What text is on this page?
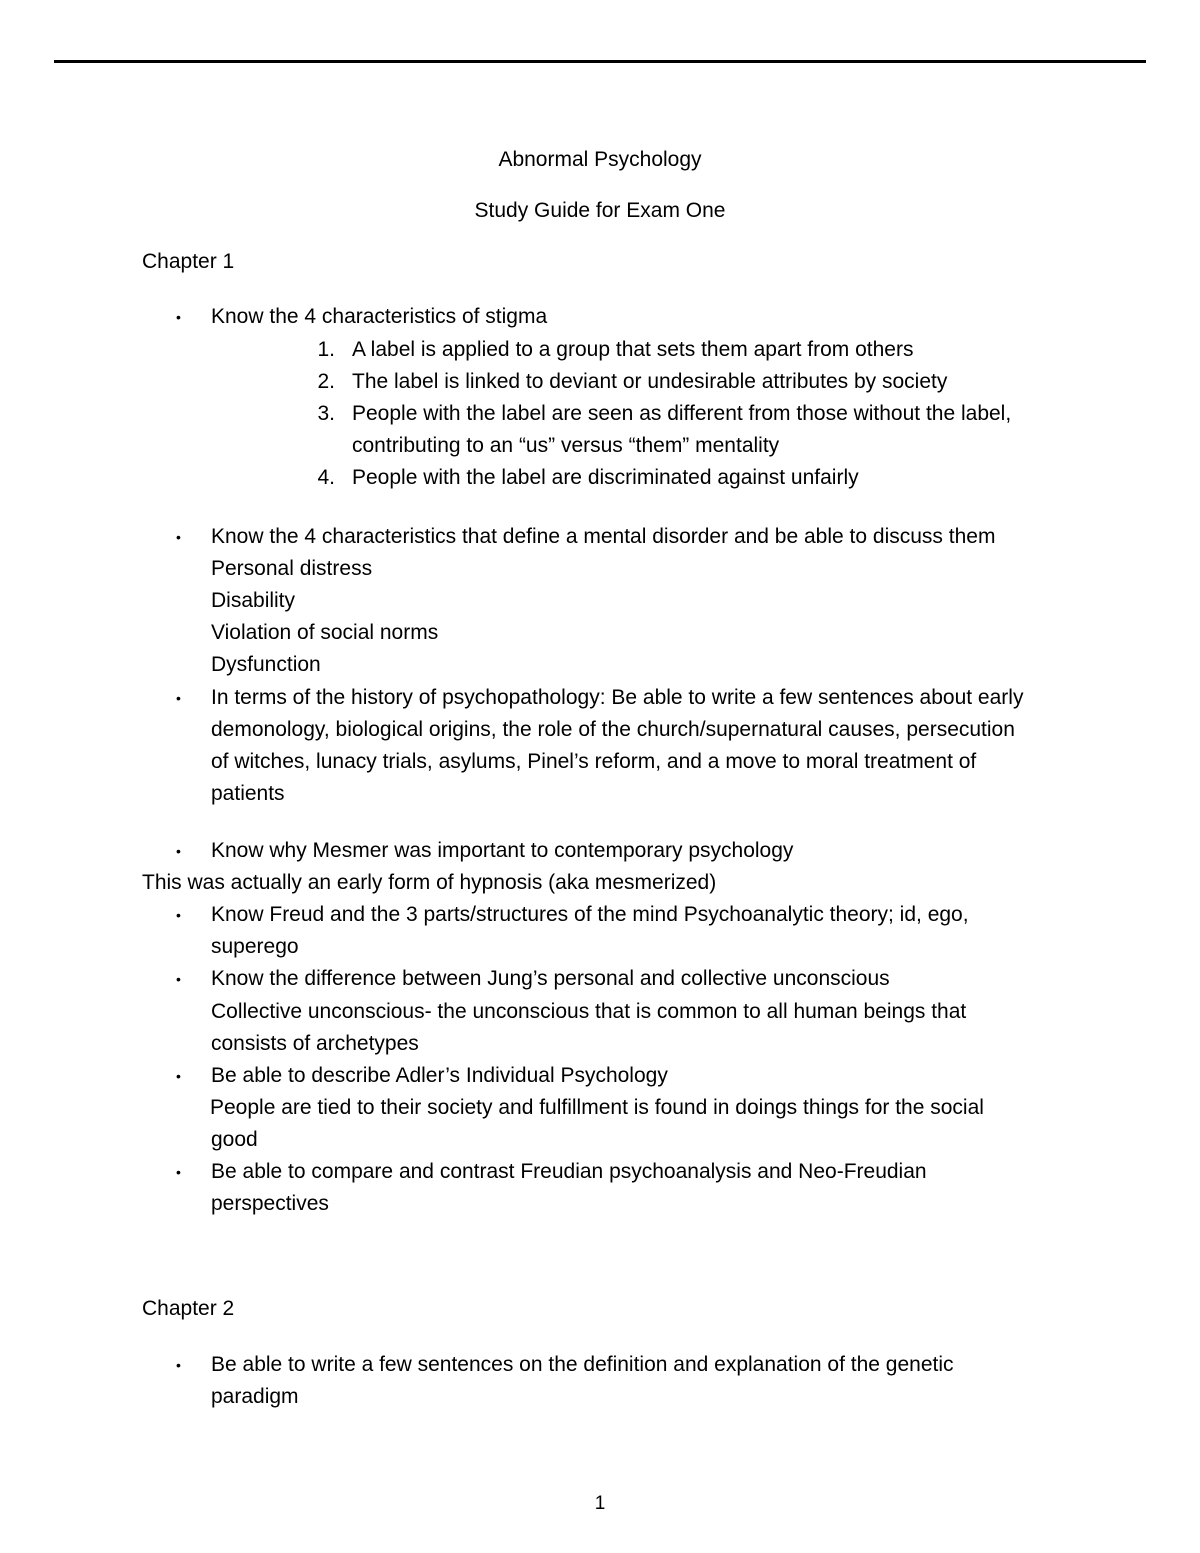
Abnormal Psychology
Study Guide for Exam One
Chapter 1
• Know the 4 characteristics of stigma
1. A label is applied to a group that sets them apart from others
2. The label is linked to deviant or undesirable attributes by society
3. People with the label are seen as different from those without the label,
contributing to an “us” versus “them” mentality
4. People with the label are discriminated against unfairly
• Know the 4 characteristics that define a mental disorder and be able to discuss them
Personal distress
Disability
Violation of social norms
Dysfunction
• In terms of the history of psychopathology: Be able to write a few sentences about early
demonology, biological origins, the role of the church/supernatural causes, persecution
of witches, lunacy trials, asylums, Pinel’s reform, and a move to moral treatment of
patients
• Know why Mesmer was important to contemporary psychology
This was actually an early form of hypnosis (aka mesmerized)
• Know Freud and the 3 parts/structures of the mind Psychoanalytic theory; id, ego,
superego
• Know the difference between Jung’s personal and collective unconscious
Collective unconscious- the unconscious that is common to all human beings that
consists of archetypes
• Be able to describe Adler’s Individual Psychology
People are tied to their society and fulfillment is found in doings things for the social
good
• Be able to compare and contrast Freudian psychoanalysis and Neo-Freudian
perspectives
Chapter 2
• Be able to write a few sentences on the definition and explanation of the genetic
paradigm
1
